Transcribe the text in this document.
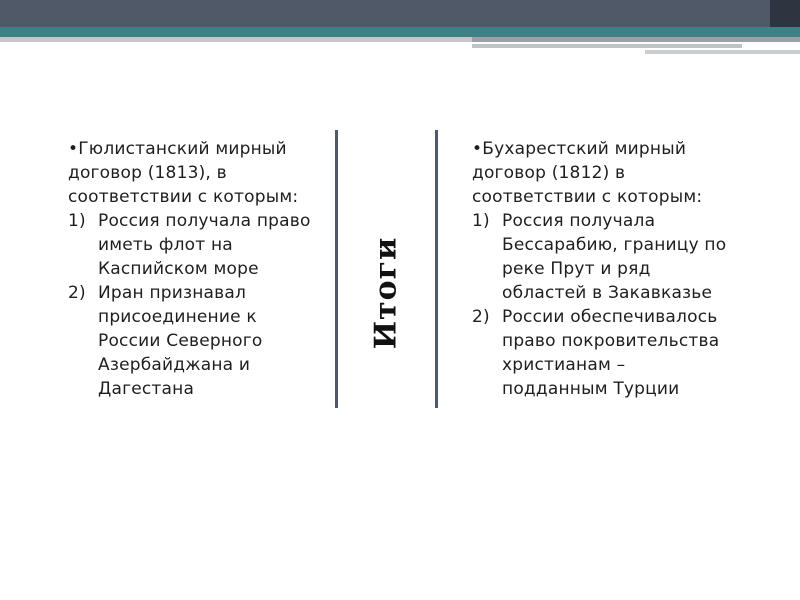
• Гюлистанский мирный договор (1813), в соответствии с которым:
1) Россия получала право иметь флот на Каспийском море
2) Иран признавал присоединение к России Северного Азербайджана и Дагестана
Итоги
• Бухарестский мирный договор (1812) в соответствии с которым:
1) Россия получала Бессарабию, границу по реке Прут и ряд областей в Закавказье
2) России обеспечивалось право покровительства христианам – подданным Турции
